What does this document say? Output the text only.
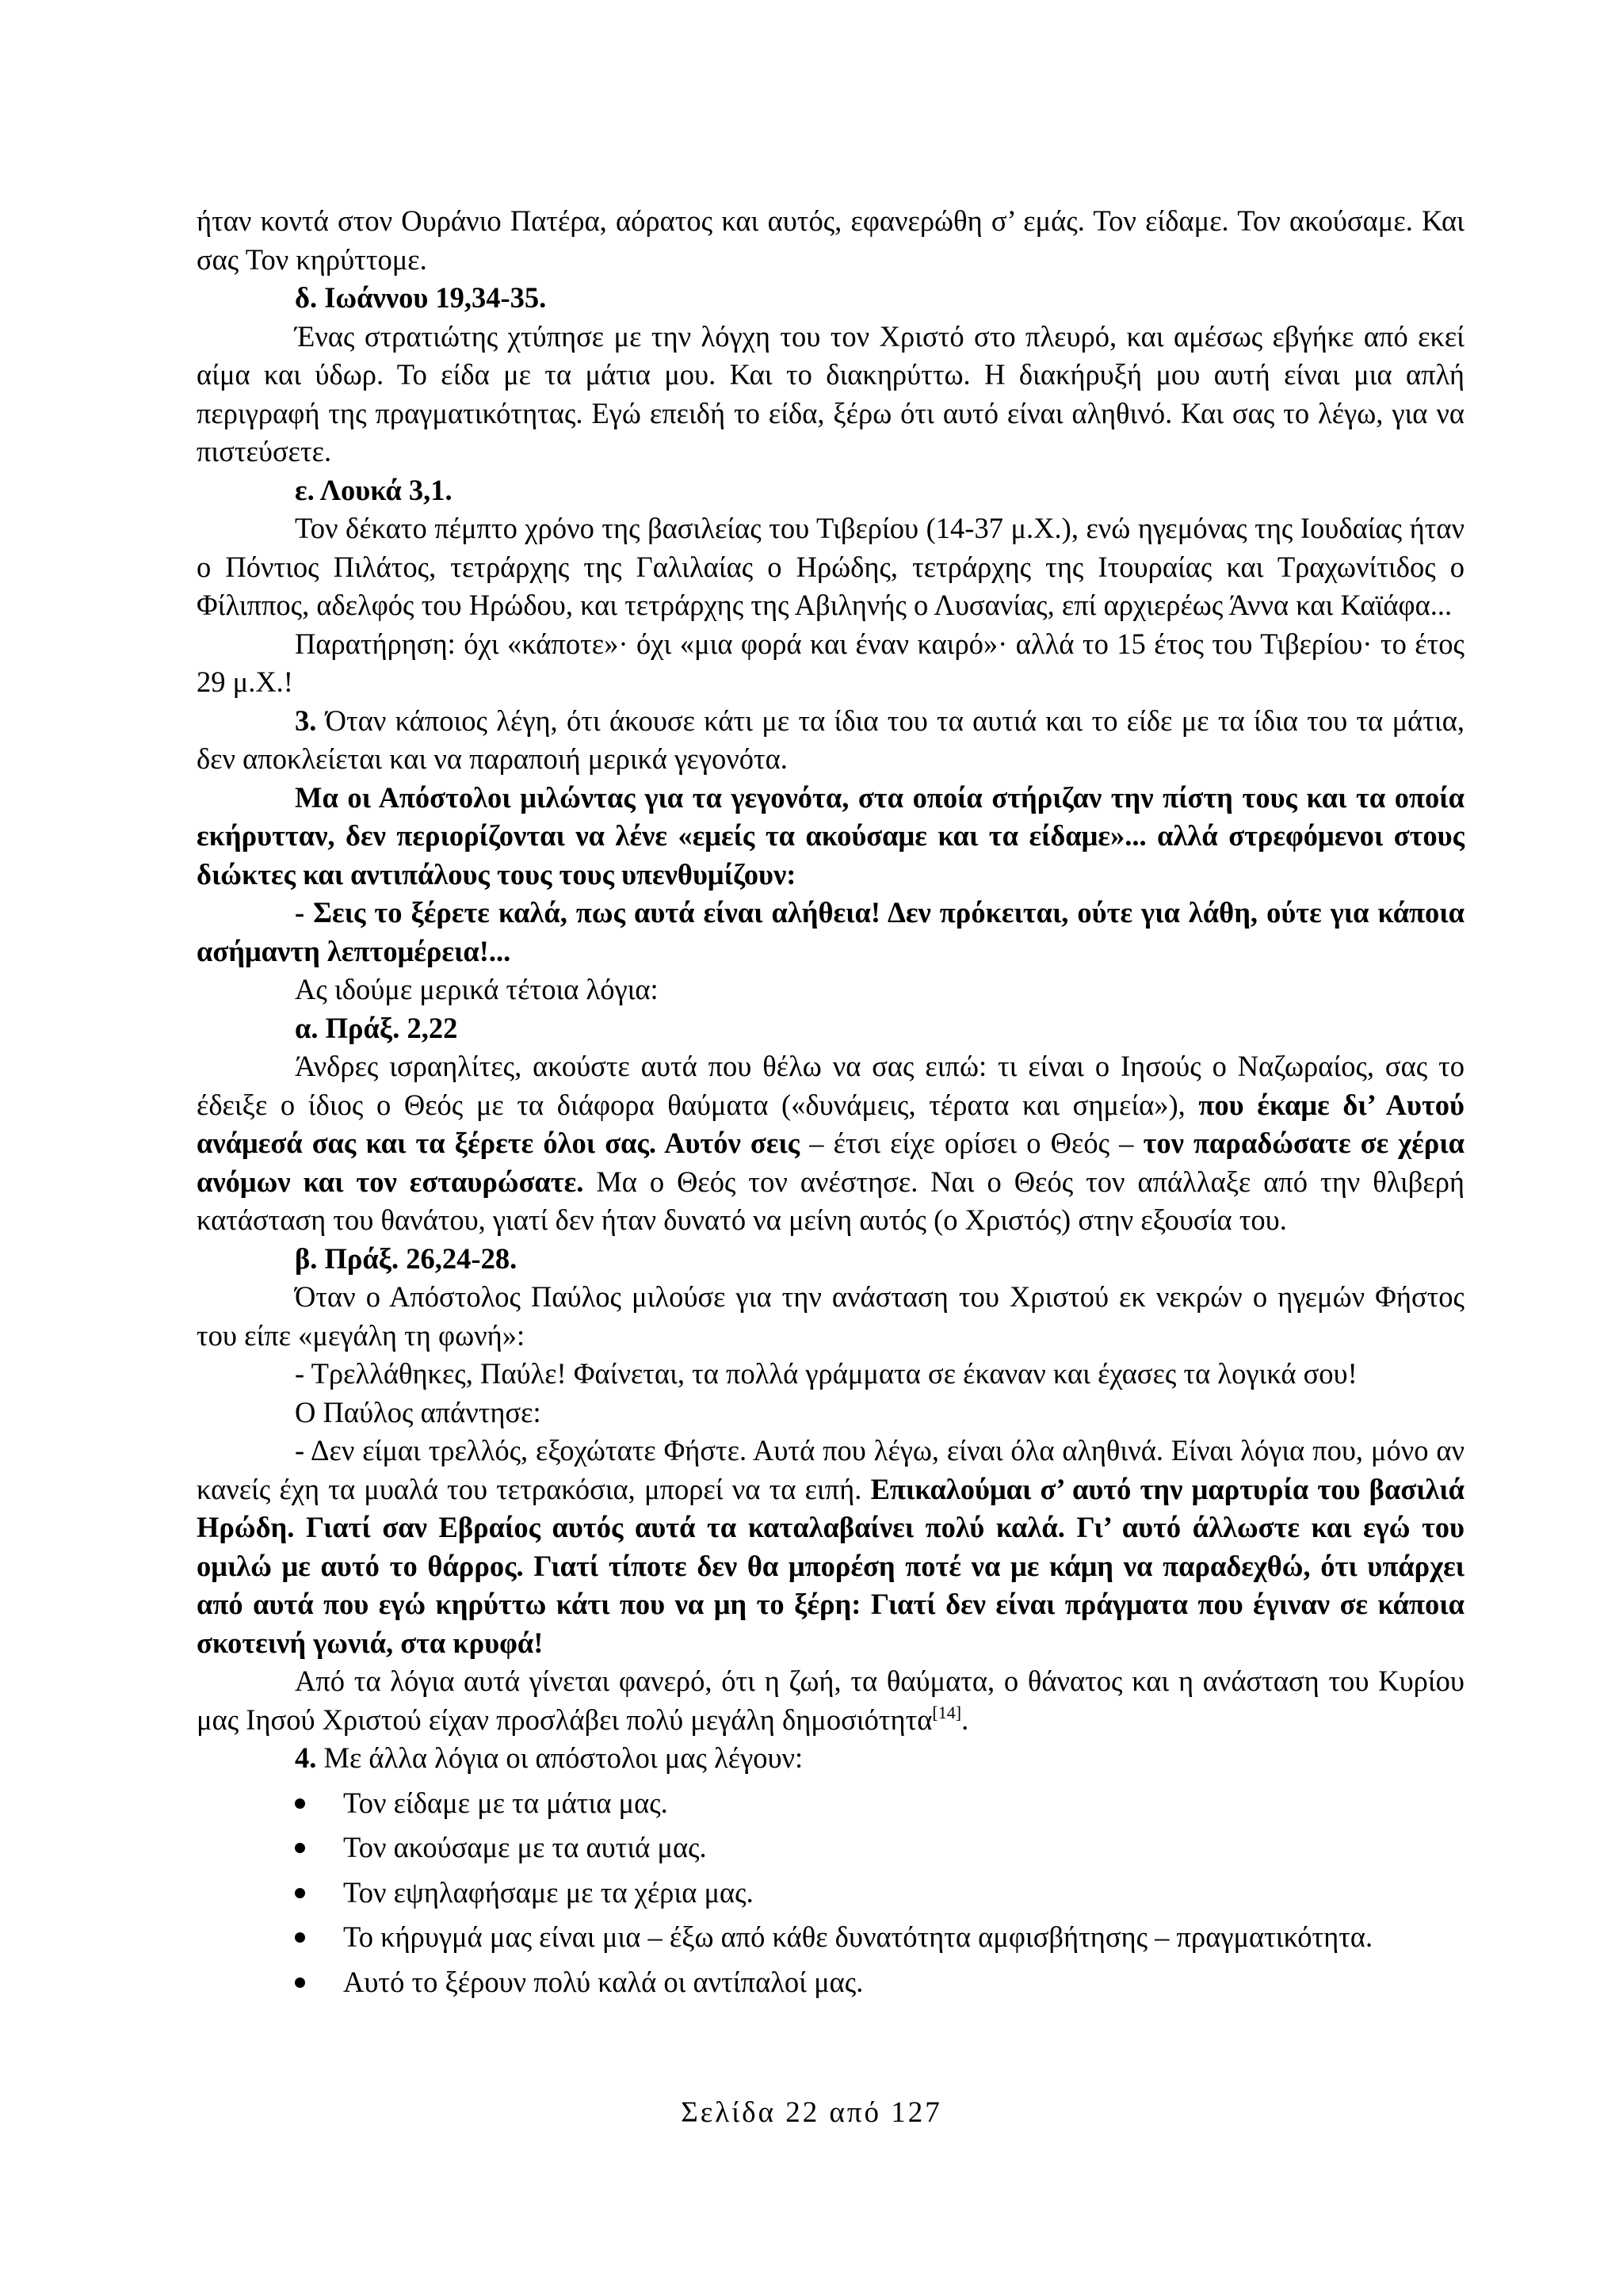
ήταν κοντά στον Ουράνιο Πατέρα, αόρατος και αυτός, εφανερώθη σ’ εμάς. Τον είδαμε. Τον ακούσαμε. Και σας Τον κηρύττομε.

δ. Ιωάννου 19,34-35.

Ένας στρατιώτης χτύπησε με την λόγχη του τον Χριστό στο πλευρό, και αμέσως εβγήκε από εκεί αίμα και ύδωρ. Το είδα με τα μάτια μου. Και το διακηρύττω. Η διακήρυξή μου αυτή είναι μια απλή περιγραφή της πραγματικότητας. Εγώ επειδή το είδα, ξέρω ότι αυτό είναι αληθινό. Και σας το λέγω, για να πιστεύσετε.

ε. Λουκά 3,1.

Τον δέκατο πέμπτο χρόνο της βασιλείας του Τιβερίου (14-37 μ.Χ.), ενώ ηγεμόνας της Ιουδαίας ήταν ο Πόντιος Πιλάτος, τετράρχης της Γαλιλαίας ο Ηρώδης, τετράρχης της Ιτουραίας και Τραχωνίτιδος ο Φίλιππος, αδελφός του Ηρώδου, και τετράρχης της Αβιληνής ο Λυσανίας, επί αρχιερέως Άννα και Καϊάφα...

Παρατήρηση: όχι «κάποτε»· όχι «μια φορά και έναν καιρό»· αλλά το 15 έτος του Τιβερίου· το έτος 29 μ.Χ.!

3. Όταν κάποιος λέγη, ότι άκουσε κάτι με τα ίδια του τα αυτιά και το είδε με τα ίδια του τα μάτια, δεν αποκλείεται και να παραποιή μερικά γεγονότα.

Μα οι Απόστολοι μιλώντας για τα γεγονότα, στα οποία στήριζαν την πίστη τους και τα οποία εκήρυτταν, δεν περιορίζονται να λένε «εμείς τα ακούσαμε και τα είδαμε»... αλλά στρεφόμενοι στους διώκτες και αντιπάλους τους τους υπενθυμίζουν:

- Σεις το ξέρετε καλά, πως αυτά είναι αλήθεια! Δεν πρόκειται, ούτε για λάθη, ούτε για κάποια ασήμαντη λεπτομέρεια!...

Ας ιδούμε μερικά τέτοια λόγια:

α. Πράξ. 2,22

Άνδρες ισραηλίτες, ακούστε αυτά που θέλω να σας ειπώ: τι είναι ο Ιησούς ο Ναζωραίος, σας το έδειξε ο ίδιος ο Θεός με τα διάφορα θαύματα («δυνάμεις, τέρατα και σημεία»), που έκαμε δι’ Αυτού ανάμεσά σας και τα ξέρετε όλοι σας. Αυτόν σεις – έτσι είχε ορίσει ο Θεός – τον παραδώσατε σε χέρια ανόμων και τον εσταυρώσατε. Μα ο Θεός τον ανέστησε. Ναι ο Θεός τον απάλλαξε από την θλιβερή κατάσταση του θανάτου, γιατί δεν ήταν δυνατό να μείνη αυτός (ο Χριστός) στην εξουσία του.

β. Πράξ. 26,24-28.

Όταν ο Απόστολος Παύλος μιλούσε για την ανάσταση του Χριστού εκ νεκρών ο ηγεμών Φήστος του είπε «μεγάλη τη φωνή»:

- Τρελλάθηκες, Παύλε! Φαίνεται, τα πολλά γράμματα σε έκαναν και έχασες τα λογικά σου!

Ο Παύλος απάντησε:

- Δεν είμαι τρελλός, εξοχώτατε Φήστε. Αυτά που λέγω, είναι όλα αληθινά. Είναι λόγια που, μόνο αν κανείς έχη τα μυαλά του τετρακόσια, μπορεί να τα ειπή. Επικαλούμαι σ’ αυτό την μαρτυρία του βασιλιά Ηρώδη. Γιατί σαν Εβραίος αυτός αυτά τα καταλαβαίνει πολύ καλά. Γι’ αυτό άλλωστε και εγώ του ομιλώ με αυτό το θάρρος. Γιατί τίποτε δεν θα μπορέση ποτέ να με κάμη να παραδεχθώ, ότι υπάρχει από αυτά που εγώ κηρύττω κάτι που να μη το ξέρη: Γιατί δεν είναι πράγματα που έγιναν σε κάποια σκοτεινή γωνιά, στα κρυφά!

Από τα λόγια αυτά γίνεται φανερό, ότι η ζωή, τα θαύματα, ο θάνατος και η ανάσταση του Κυρίου μας Ιησού Χριστού είχαν προσλάβει πολύ μεγάλη δημοσιότητα[14].

4. Με άλλα λόγια οι απόστολοι μας λέγουν:

Τον είδαμε με τα μάτια μας.
Τον ακούσαμε με τα αυτιά μας.
Τον εψηλαφήσαμε με τα χέρια μας.
Το κήρυγμά μας είναι μια – έξω από κάθε δυνατότητα αμφισβήτησης – πραγματικότητα.
Αυτό το ξέρουν πολύ καλά οι αντίπαλοί μας.
Σελίδα 22 από 127
